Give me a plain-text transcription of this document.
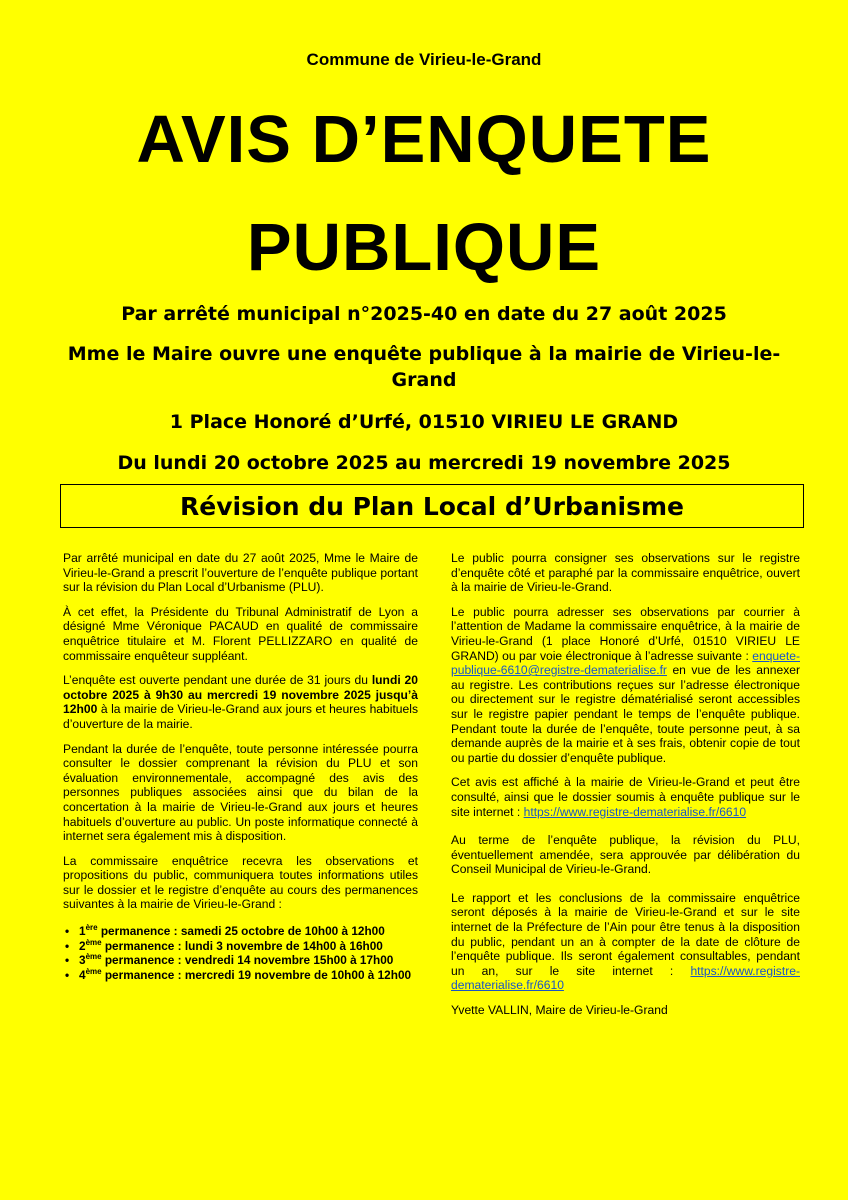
Commune de Virieu-le-Grand
AVIS D’ENQUETE
PUBLIQUE
Par arrêté municipal n°2025-40 en date du 27 août 2025
Mme le Maire ouvre une enquête publique à la mairie de Virieu-le-
Grand
1 Place Honoré d’Urfé, 01510 VIRIEU LE GRAND
Du lundi 20 octobre 2025 au mercredi 19 novembre 2025
Révision du Plan Local d’Urbanisme

Par arrêté municipal en date du 27 août 2025, Mme le Maire de Virieu-le-Grand a prescrit l’ouverture de l’enquête publique portant sur la révision du Plan Local d’Urbanisme (PLU).

À cet effet, la Présidente du Tribunal Administratif de Lyon a désigné Mme Véronique PACAUD en qualité de commissaire enquêtrice titulaire et M. Florent PELLIZZARO en qualité de commissaire enquêteur suppléant.

L’enquête est ouverte pendant une durée de 31 jours du lundi 20 octobre 2025 à 9h30 au mercredi 19 novembre 2025 jusqu’à 12h00 à la mairie de Virieu-le-Grand aux jours et heures habituels d’ouverture de la mairie.

Pendant la durée de l’enquête, toute personne intéressée pourra consulter le dossier comprenant la révision du PLU et son évaluation environnementale, accompagné des avis des personnes publiques associées ainsi que du bilan de la concertation à la mairie de Virieu-le-Grand aux jours et heures habituels d’ouverture au public. Un poste informatique connecté à internet sera également mis à disposition.

La commissaire enquêtrice recevra les observations et propositions du public, communiquera toutes informations utiles sur le dossier et le registre d’enquête au cours des permanences suivantes à la mairie de Virieu-le-Grand :

• 1ère permanence : samedi 25 octobre de 10h00 à 12h00
• 2ème permanence : lundi 3 novembre de 14h00 à 16h00
• 3ème permanence : vendredi 14 novembre 15h00 à 17h00
• 4ème permanence : mercredi 19 novembre de 10h00 à 12h00

Le public pourra consigner ses observations sur le registre d’enquête côté et paraphé par la commissaire enquêtrice, ouvert à la mairie de Virieu-le-Grand.

Le public pourra adresser ses observations par courrier à l’attention de Madame la commissaire enquêtrice, à la mairie de Virieu-le-Grand (1 place Honoré d’Urfé, 01510 VIRIEU LE GRAND) ou par voie électronique à l’adresse suivante : enquete-publique-6610@registre-dematerialise.fr en vue de les annexer au registre. Les contributions reçues sur l’adresse électronique ou directement sur le registre dématérialisé seront accessibles sur le registre papier pendant le temps de l’enquête publique. Pendant toute la durée de l’enquête, toute personne peut, à sa demande auprès de la mairie et à ses frais, obtenir copie de tout ou partie du dossier d’enquête publique.

Cet avis est affiché à la mairie de Virieu-le-Grand et peut être consulté, ainsi que le dossier soumis à enquête publique sur le site internet : https://www.registre-dematerialise.fr/6610

Au terme de l’enquête publique, la révision du PLU, éventuellement amendée, sera approuvée par délibération du Conseil Municipal de Virieu-le-Grand.

Le rapport et les conclusions de la commissaire enquêtrice seront déposés à la mairie de Virieu-le-Grand et sur le site internet de la Préfecture de l’Ain pour être tenus à la disposition du public, pendant un an à compter de la date de clôture de l’enquête publique. Ils seront également consultables, pendant un an, sur le site internet : https://www.registre-dematerialise.fr/6610

Yvette VALLIN, Maire de Virieu-le-Grand
